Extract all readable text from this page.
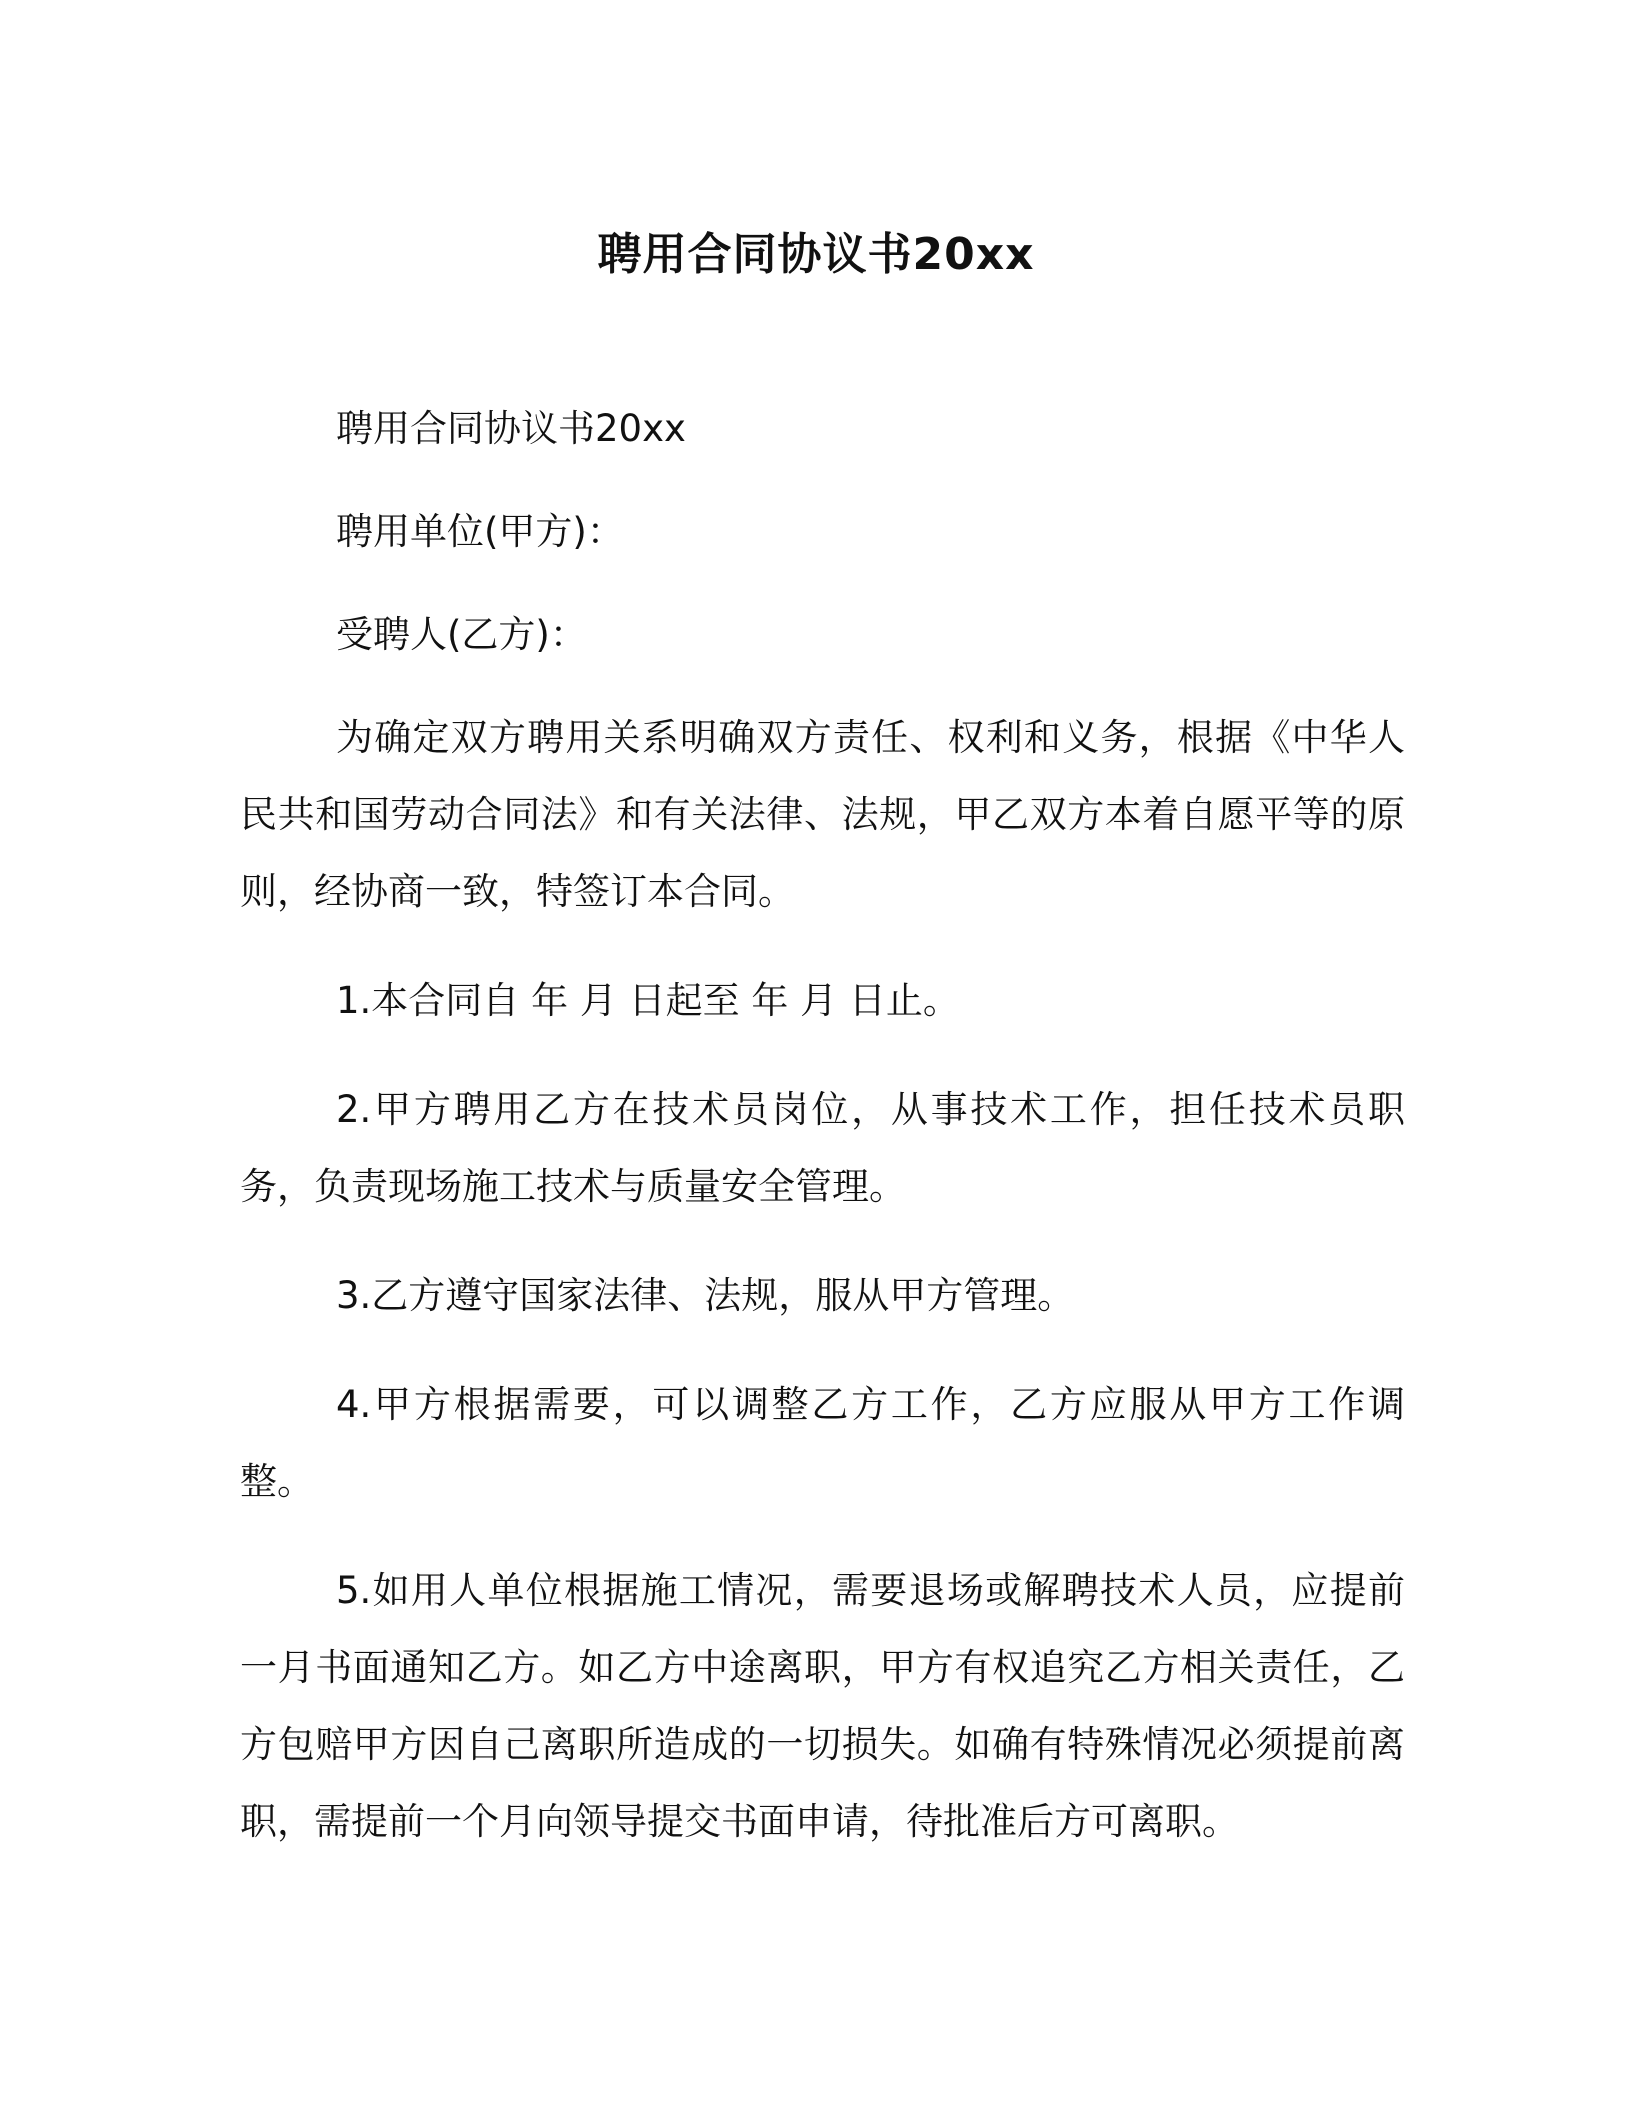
聘用合同协议书20xx

聘用合同协议书20xx

聘用单位(甲方)：

受聘人(乙方)：

为确定双方聘用关系明确双方责任、权利和义务，根据《中华人民共和国劳动合同法》和有关法律、法规，甲乙双方本着自愿平等的原则，经协商一致，特签订本合同。

1.本合同自 年 月 日起至 年 月 日止。

2.甲方聘用乙方在技术员岗位，从事技术工作，担任技术员职务，负责现场施工技术与质量安全管理。

3.乙方遵守国家法律、法规，服从甲方管理。

4.甲方根据需要，可以调整乙方工作，乙方应服从甲方工作调整。

5.如用人单位根据施工情况，需要退场或解聘技术人员，应提前一月书面通知乙方。如乙方中途离职，甲方有权追究乙方相关责任，乙方包赔甲方因自己离职所造成的一切损失。如确有特殊情况必须提前离职，需提前一个月向领导提交书面申请，待批准后方可离职。
